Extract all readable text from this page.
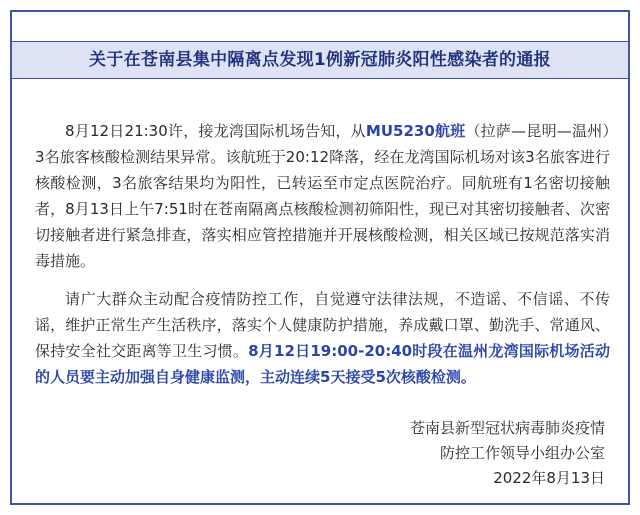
关于在苍南县集中隔离点发现1例新冠肺炎阳性感染者的通报

8月12日21:30许，接龙湾国际机场告知，从MU5230航班（拉萨—昆明—温州）3名旅客核酸检测结果异常。该航班于20:12降落，经在龙湾国际机场对该3名旅客进行核酸检测，3名旅客结果均为阳性，已转运至市定点医院治疗。同航班有1名密切接触者，8月13日上午7:51时在苍南隔离点核酸检测初筛阳性，现已对其密切接触者、次密切接触者进行紧急排查，落实相应管控措施并开展核酸检测，相关区域已按规范落实消毒措施。

请广大群众主动配合疫情防控工作，自觉遵守法律法规，不造谣、不信谣、不传谣，维护正常生产生活秩序，落实个人健康防护措施，养成戴口罩、勤洗手、常通风、保持安全社交距离等卫生习惯。8月12日19:00-20:40时段在温州龙湾国际机场活动的人员要主动加强自身健康监测，主动连续5天接受5次核酸检测。

苍南县新型冠状病毒肺炎疫情
防控工作领导小组办公室
2022年8月13日
